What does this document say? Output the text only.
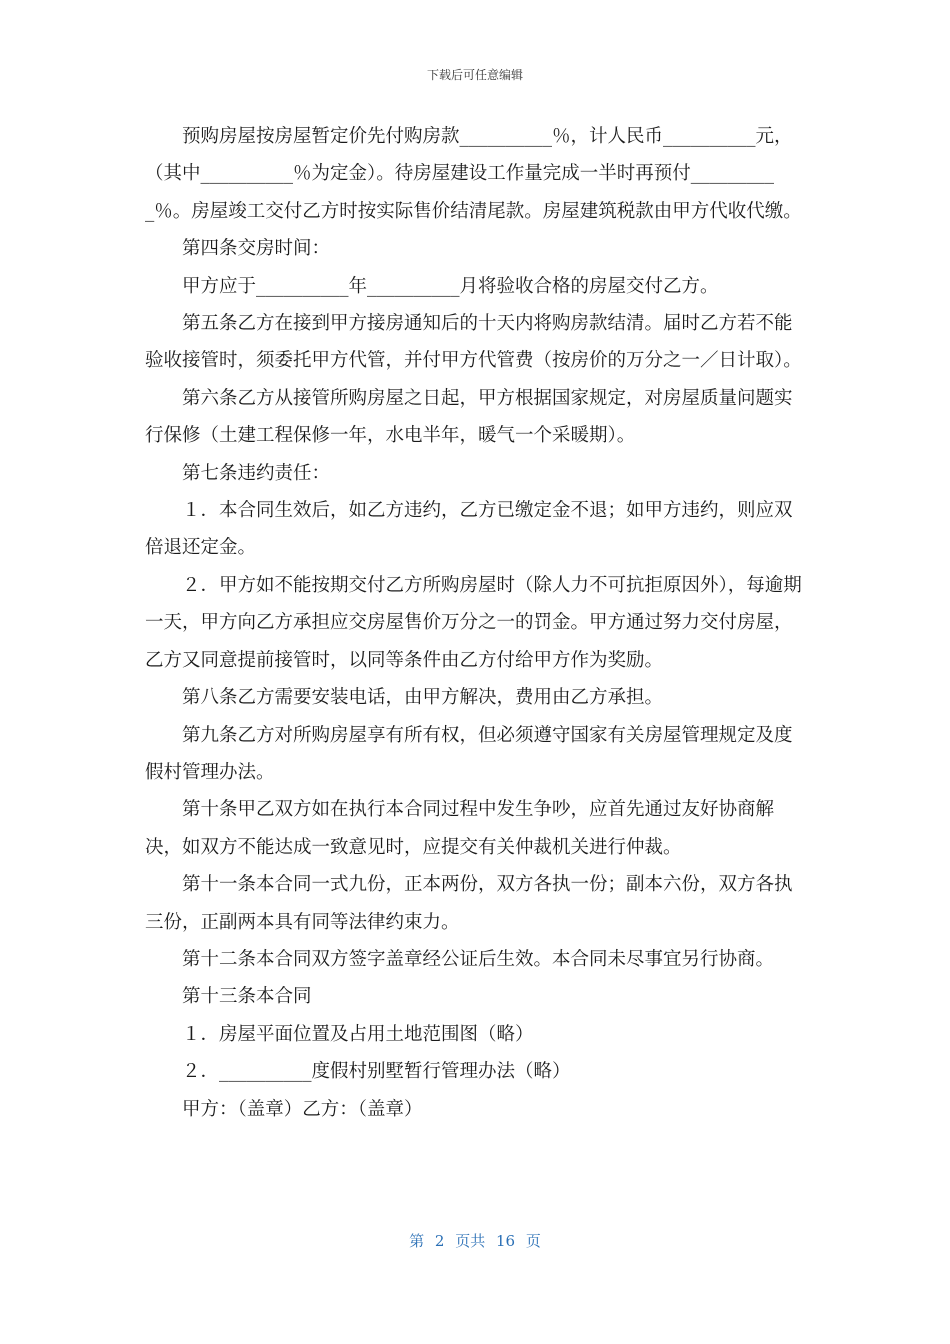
下载后可任意编辑

预购房屋按房屋暂定价先付购房款__________％，计人民币__________元，（其中__________％为定金）。待房屋建设工作量完成一半时再预付__________％。房屋竣工交付乙方时按实际售价结清尾款。房屋建筑税款由甲方代收代缴。

第四条交房时间：

甲方应于__________年__________月将验收合格的房屋交付乙方。

第五条乙方在接到甲方接房通知后的十天内将购房款结清。届时乙方若不能验收接管时，须委托甲方代管，并付甲方代管费（按房价的万分之一／日计取）。

第六条乙方从接管所购房屋之日起，甲方根据国家规定，对房屋质量问题实行保修（土建工程保修一年，水电半年，暖气一个采暖期）。

第七条违约责任：

１．本合同生效后，如乙方违约，乙方已缴定金不退；如甲方违约，则应双倍退还定金。

２．甲方如不能按期交付乙方所购房屋时（除人力不可抗拒原因外），每逾期一天，甲方向乙方承担应交房屋售价万分之一的罚金。甲方通过努力交付房屋，乙方又同意提前接管时，以同等条件由乙方付给甲方作为奖励。

第八条乙方需要安装电话，由甲方解决，费用由乙方承担。

第九条乙方对所购房屋享有所有权，但必须遵守国家有关房屋管理规定及度假村管理办法。

第十条甲乙双方如在执行本合同过程中发生争吵，应首先通过友好协商解决，如双方不能达成一致意见时，应提交有关仲裁机关进行仲裁。

第十一条本合同一式九份，正本两份，双方各执一份；副本六份，双方各执三份，正副两本具有同等法律约束力。

第十二条本合同双方签字盖章经公证后生效。本合同未尽事宜另行协商。

第十三条本合同

１．房屋平面位置及占用土地范围图（略）

２．__________度假村别墅暂行管理办法（略）

甲方：（盖章）乙方：（盖章）

第 2 页共 16 页
